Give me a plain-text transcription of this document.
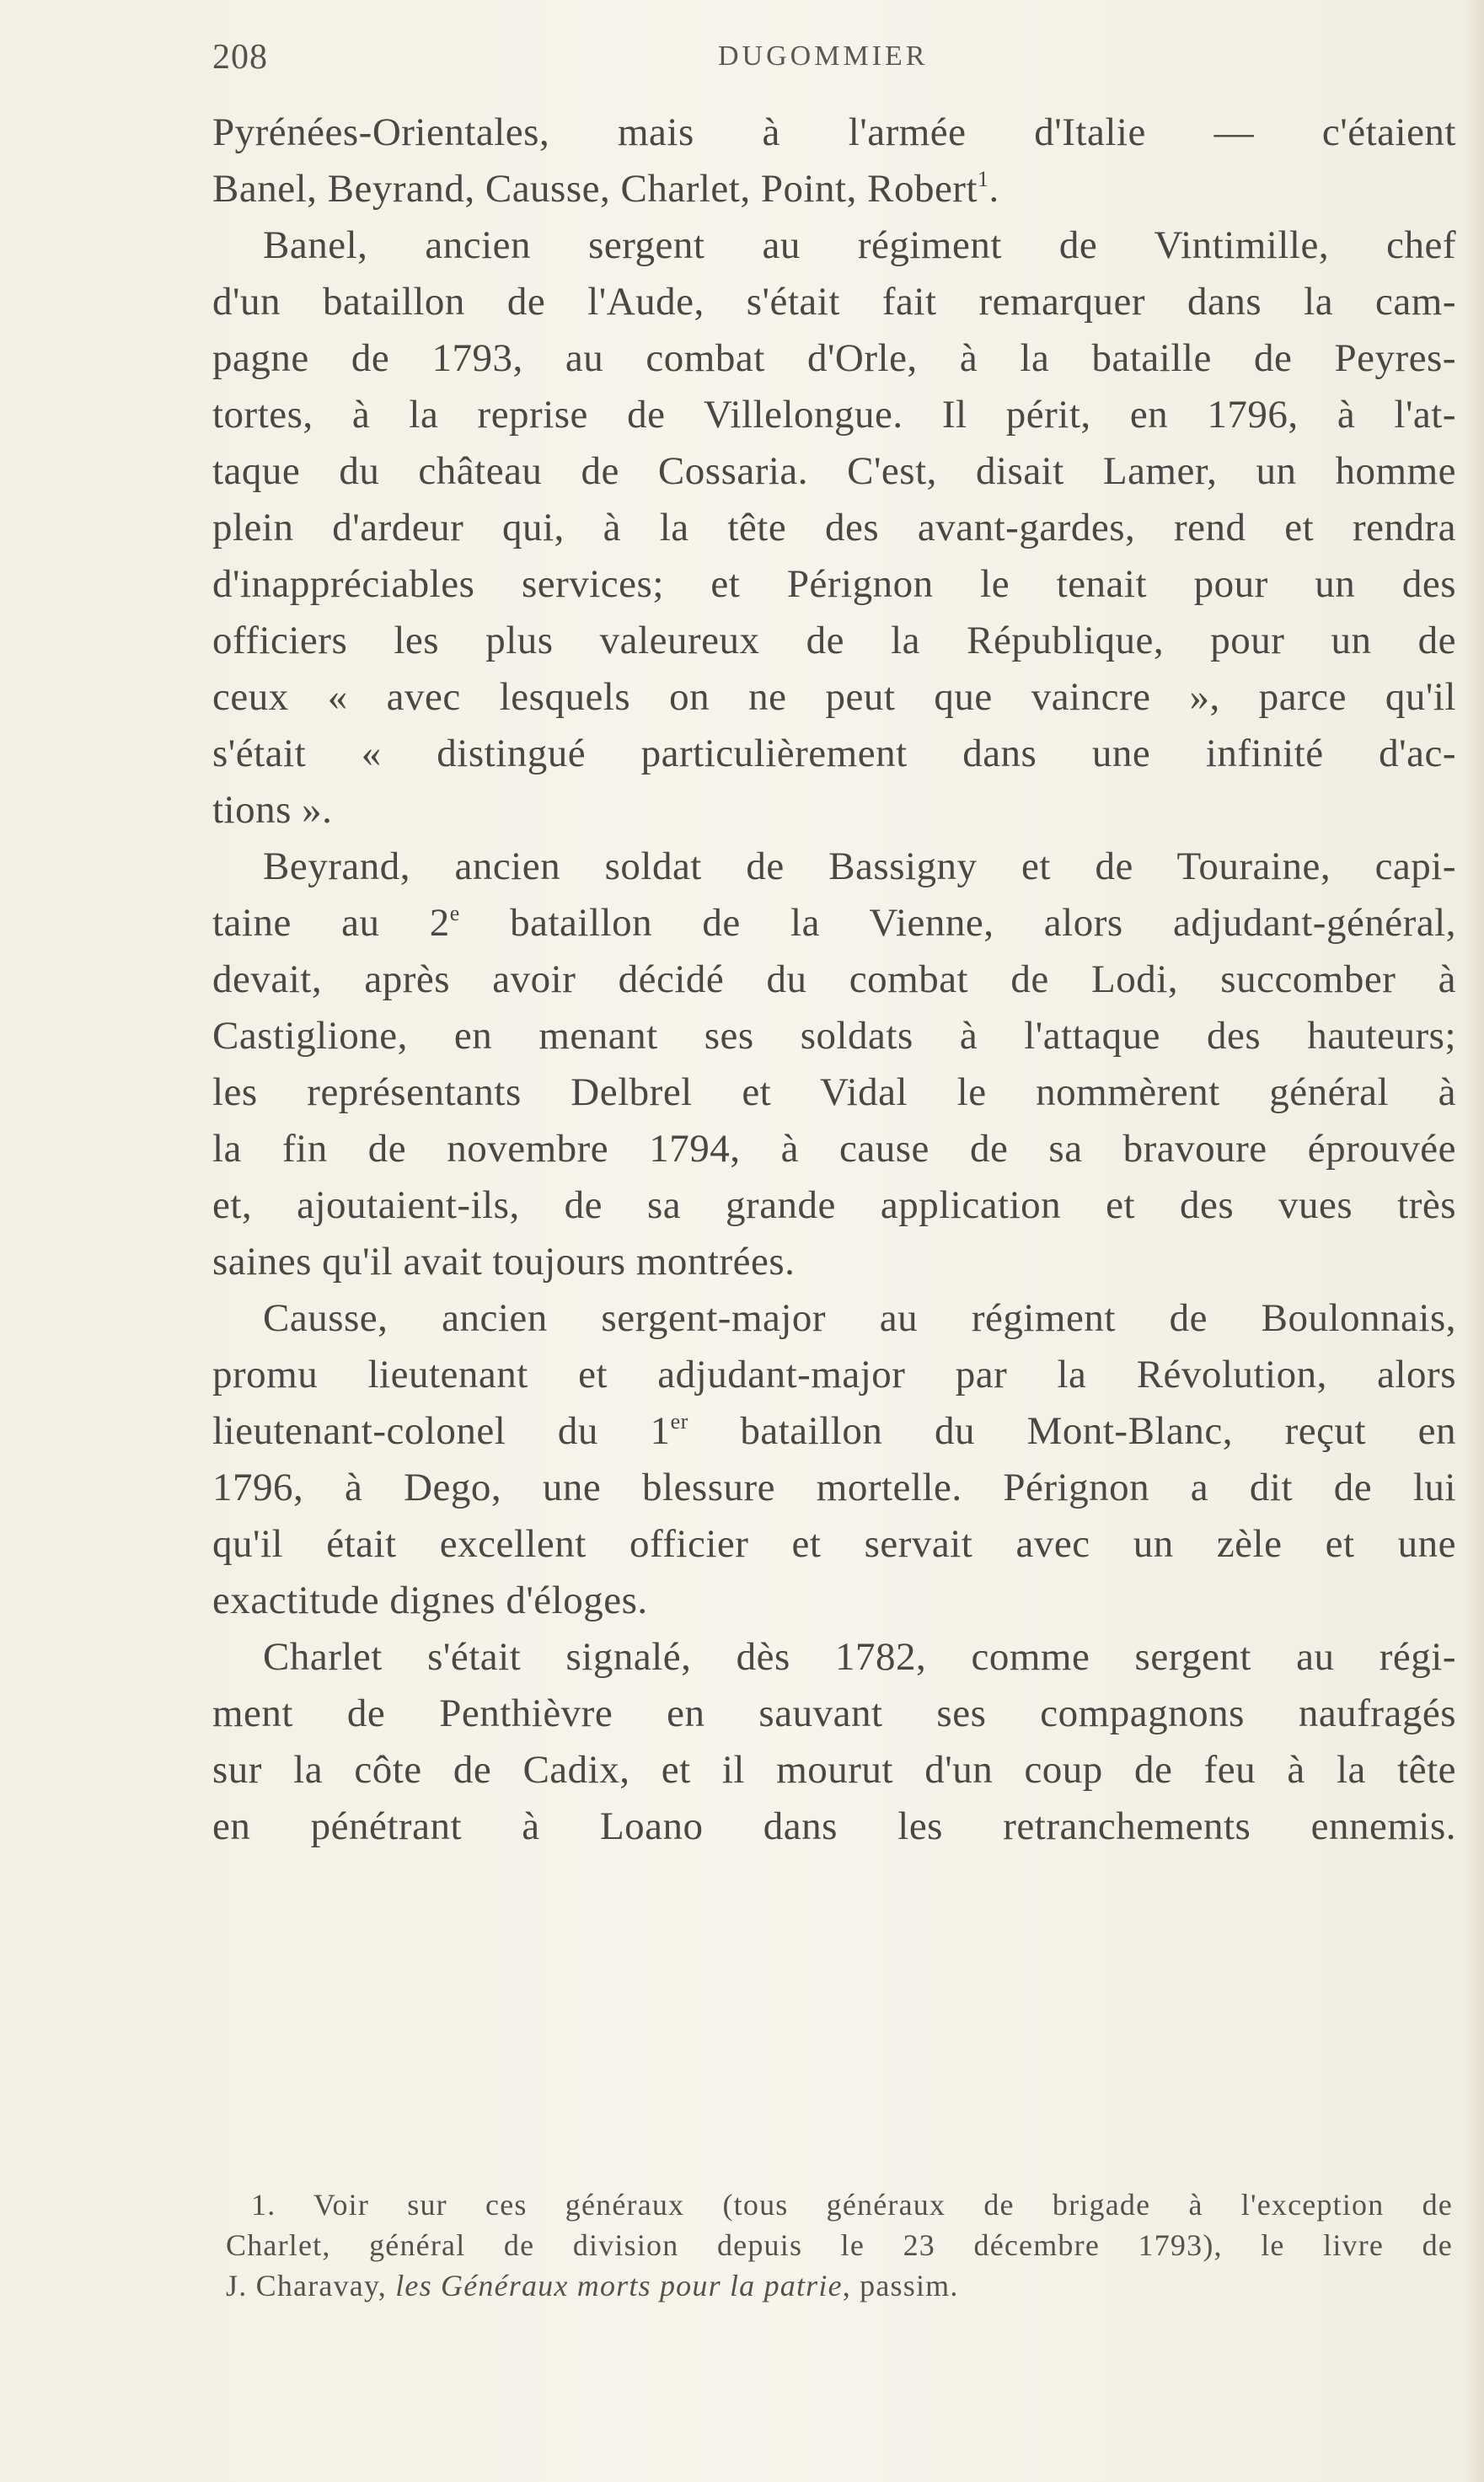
208	DUGOMMIER
Pyrénées-Orientales, mais à l'armée d'Italie — c'étaient
Banel, Beyrand, Causse, Charlet, Point, Robert$^1$.
Banel, ancien sergent au régiment de Vintimille, chef
d'un bataillon de l'Aude, s'était fait remarquer dans la cam-
pagne de 1793, au combat d'Orle, à la bataille de Peyres-
tortes, à la reprise de Villelongue. Il périt, en 1796, à l'at-
taque du château de Cossaria. C'est, disait Lamer, un homme
plein d'ardeur qui, à la tête des avant-gardes, rend et rendra
d'inappréciables services; et Pérignon le tenait pour un des
officiers les plus valeureux de la République, pour un de
ceux « avec lesquels on ne peut que vaincre », parce qu'il
s'était « distingué particulièrement dans une infinité d'ac-
tions ».
Beyrand, ancien soldat de Bassigny et de Touraine, capi-
taine au 2e bataillon de la Vienne, alors adjudant-général,
devait, après avoir décidé du combat de Lodi, succomber à
Castiglione, en menant ses soldats à l'attaque des hauteurs;
les représentants Delbrel et Vidal le nommèrent général à
la fin de novembre 1794, à cause de sa bravoure éprouvée
et, ajoutaient-ils, de sa grande application et des vues très
saines qu'il avait toujours montrées.
Causse, ancien sergent-major au régiment de Boulonnais,
promu lieutenant et adjudant-major par la Révolution, alors
lieutenant-colonel du 1er bataillon du Mont-Blanc, reçut en
1796, à Dego, une blessure mortelle. Pérignon a dit de lui
qu'il était excellent officier et servait avec un zèle et une
exactitude dignes d'éloges.
Charlet s'était signalé, dès 1782, comme sergent au régi-
ment de Penthièvre en sauvant ses compagnons naufragés
sur la côte de Cadix, et il mourut d'un coup de feu à la tête
en pénétrant à Loano dans les retranchements ennemis.
1. Voir sur ces généraux (tous généraux de brigade à l'exception de
Charlet, général de division depuis le 23 décembre 1793), le livre de
J. Charavay, les Généraux morts pour la patrie, passim.
